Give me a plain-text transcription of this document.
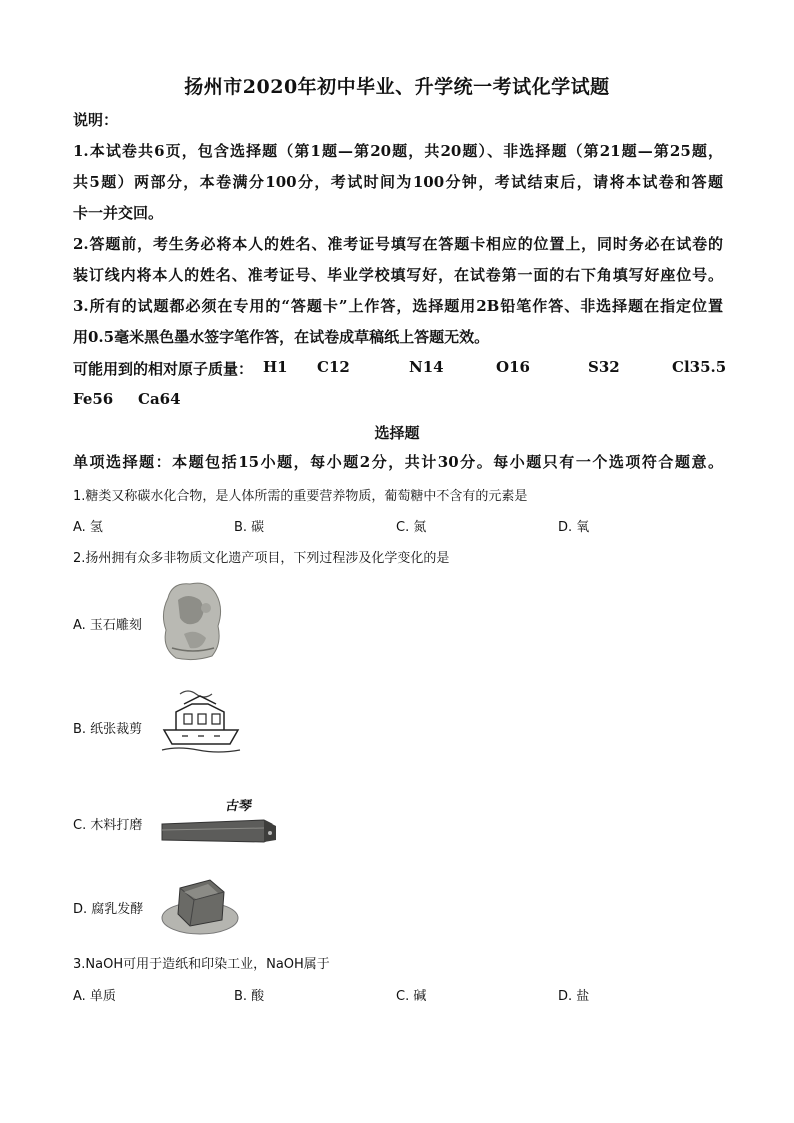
扬州市2020年初中毕业、升学统一考试化学试题
说明：
1.本试卷共6页，包含选择题（第1题—第20题，共20题）、非选择题（第21题—第25题，
共5题）两部分，本卷满分100分，考试时间为100分钟，考试结束后，请将本试卷和答题
卡一并交回。
2.答题前，考生务必将本人的姓名、准考证号填写在答题卡相应的位置上，同时务必在试卷的
装订线内将本人的姓名、准考证号、毕业学校填写好，在试卷第一面的右下角填写好座位号。
3.所有的试题都必须在专用的“答题卡”上作答，选择题用2B铅笔作答、非选择题在指定位置
用0.5毫米黑色墨水签字笔作答，在试卷成草稿纸上答题无效。
可能用到的相对原子质量： H1 C12	N14	O16	S32	Cl35.5
Fe56 Ca64
选择题
单项选择题：本题包括15小题，每小题2分，共计30分。每小题只有一个选项符合题意。
1.糖类又称碳水化合物，是人体所需的重要营养物质，葡萄糖中不含有的元素是
A. 氢	B. 碳	C. 氮	D. 氧
2.扬州拥有众多非物质文化遗产项目，下列过程涉及化学变化的是
A. 玉石雕刻
B. 纸张裁剪
C. 木料打磨
古琴
D. 腐乳发酵
3.NaOH可用于造纸和印染工业，NaOH属于
A. 单质	B. 酸	C. 碱	D. 盐
